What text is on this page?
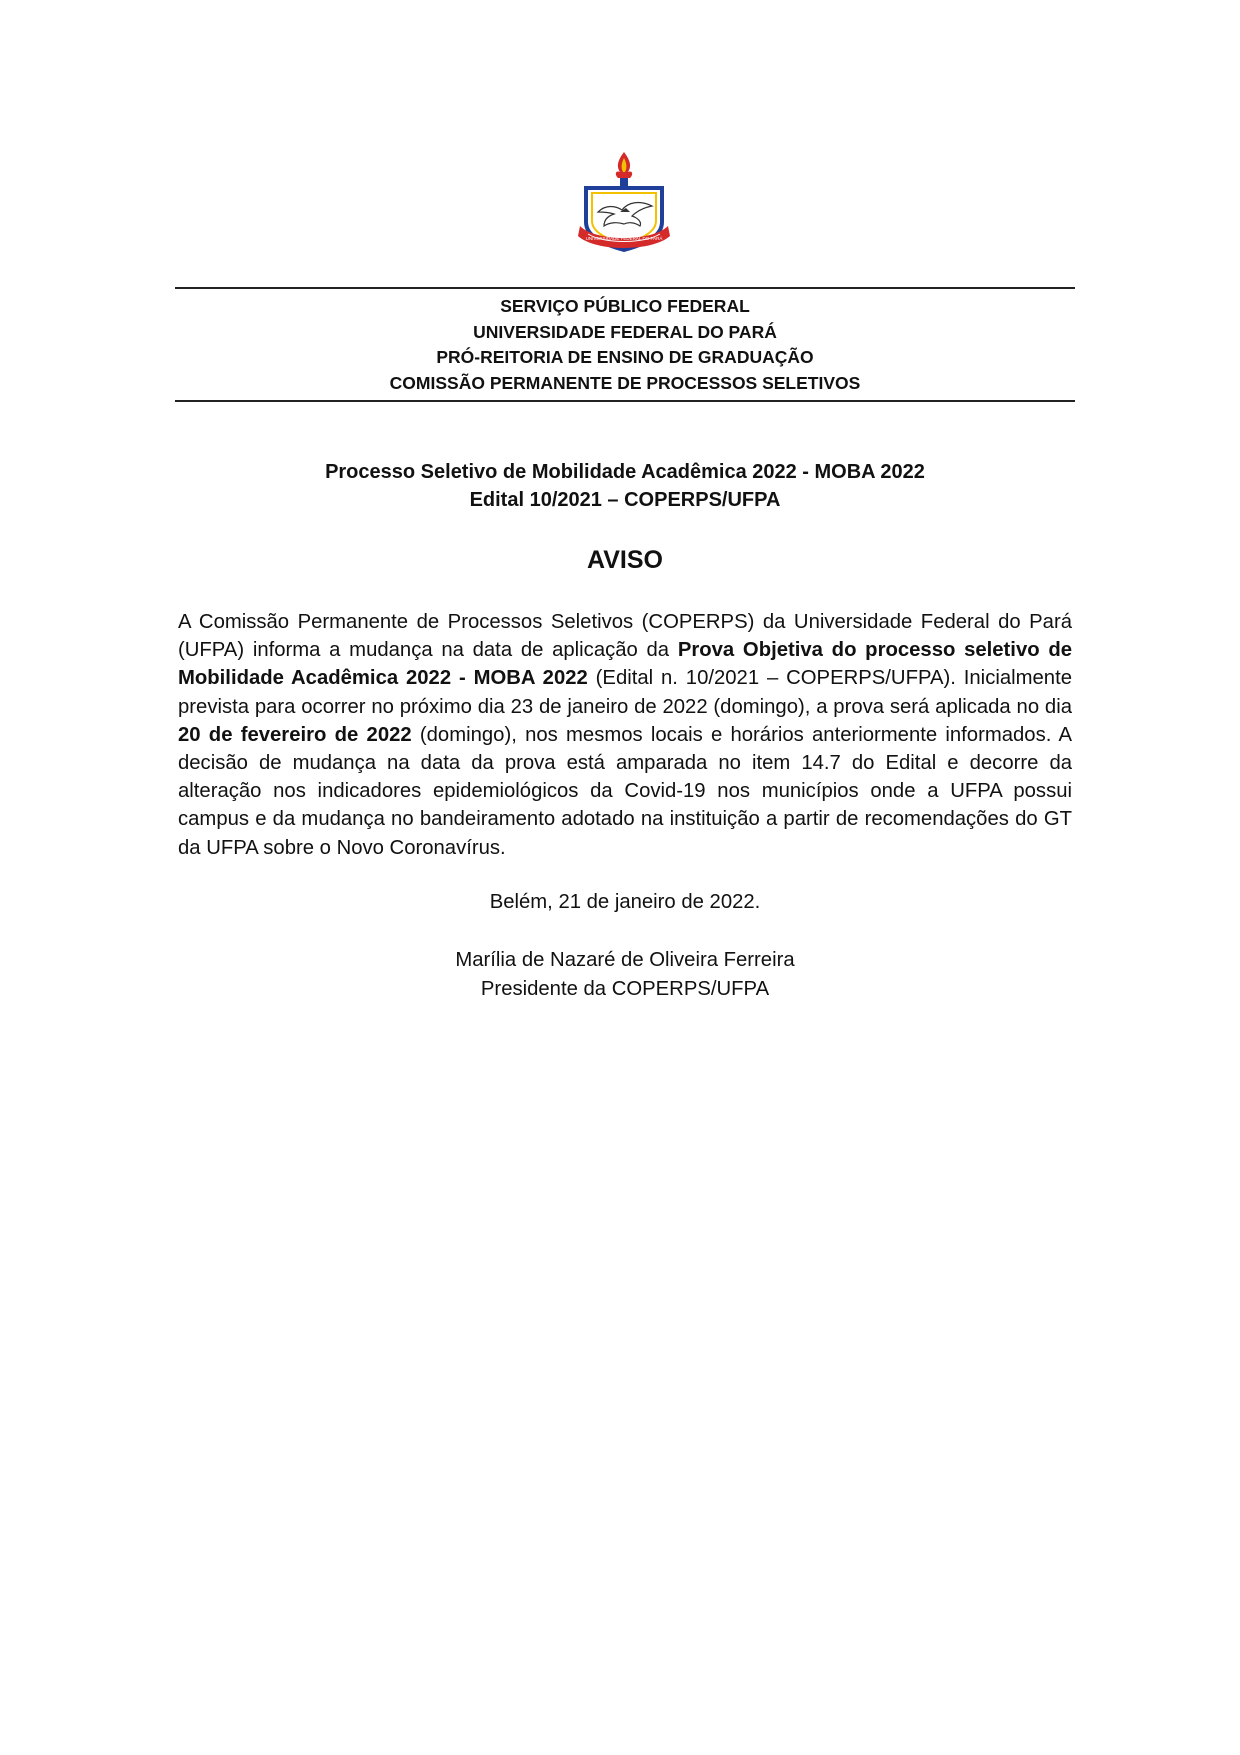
UNIVERSIDADE FEDERAL DO PARÁ
SERVIÇO PÚBLICO FEDERAL
UNIVERSIDADE FEDERAL DO PARÁ
PRÓ-REITORIA DE ENSINO DE GRADUAÇÃO
COMISSÃO PERMANENTE DE PROCESSOS SELETIVOS
Processo Seletivo de Mobilidade Acadêmica 2022 - MOBA 2022
Edital 10/2021 – COPERPS/UFPA
AVISO
A Comissão Permanente de Processos Seletivos (COPERPS) da Universidade Federal do Pará (UFPA) informa a mudança na data de aplicação da Prova Objetiva do processo seletivo de Mobilidade Acadêmica 2022 - MOBA 2022 (Edital n. 10/2021 – COPERPS/UFPA). Inicialmente prevista para ocorrer no próximo dia 23 de janeiro de 2022 (domingo), a prova será aplicada no dia 20 de fevereiro de 2022 (domingo), nos mesmos locais e horários anteriormente informados. A decisão de mudança na data da prova está amparada no item 14.7 do Edital e decorre da alteração nos indicadores epidemiológicos da Covid-19 nos municípios onde a UFPA possui campus e da mudança no bandeiramento adotado na instituição a partir de recomendações do GT da UFPA sobre o Novo Coronavírus.
Belém, 21 de janeiro de 2022.
Marília de Nazaré de Oliveira Ferreira
Presidente da COPERPS/UFPA
